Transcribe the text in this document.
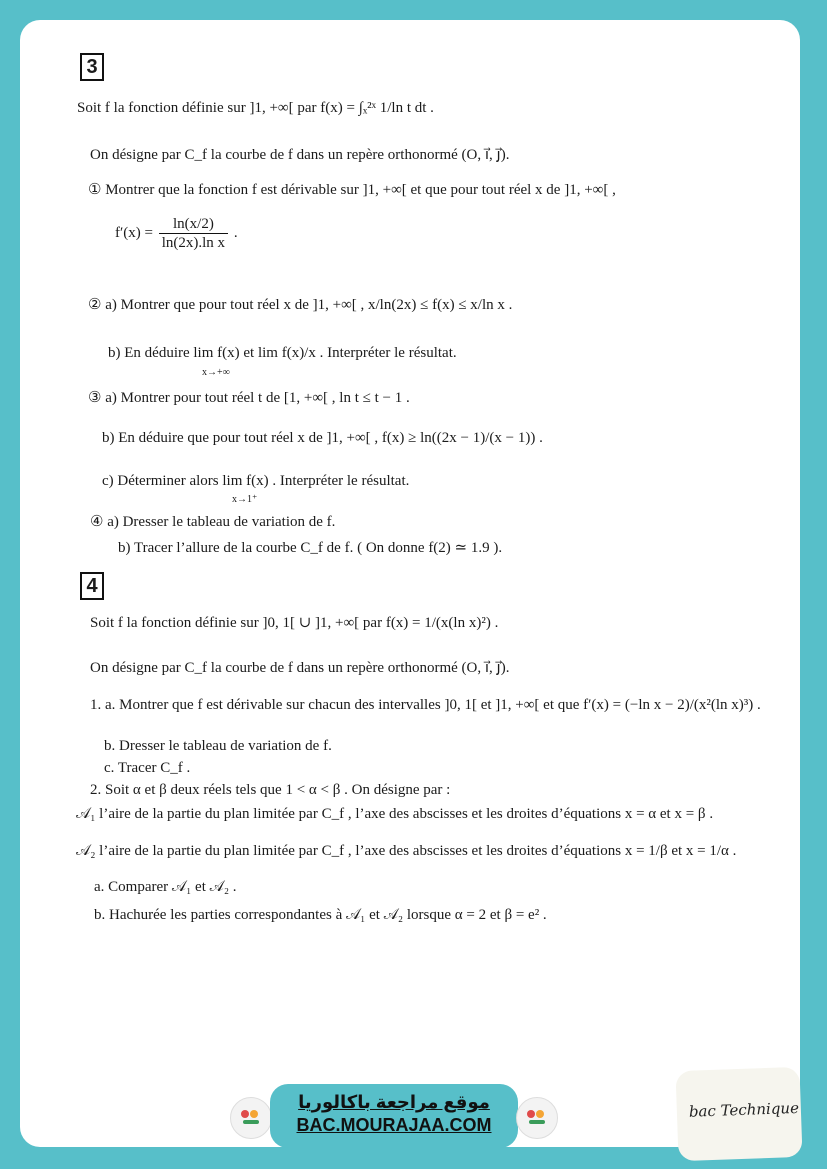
3
Soit f la fonction définie sur ]1, +∞[ par f(x) = ∫ₓ²ˣ 1/ln t dt .
On désigne par C_f la courbe de f dans un repère orthonormé (O, i⃗, j⃗).
① Montrer que la fonction f est dérivable sur ]1, +∞[ et que pour tout réel x de ]1, +∞[ ,
$f'(x) = \frac{\ln(x/2)}{\text{ln(2x).ln x}}$ .
② a) Montrer que pour tout réel x de ]1, +∞[ , x/ln(2x) ≤ f(x) ≤ x/ln x .
b) En déduire lim f(x) et lim f(x)/x . Interpréter le résultat.
x→+∞
③ a) Montrer pour tout réel t de [1, +∞[ , ln t ≤ t − 1 .
b) En déduire que pour tout réel x de ]1, +∞[ , f(x) ≥ ln((2x − 1)/(x − 1)) .
c) Déterminer alors lim f(x) . Interpréter le résultat.
x→1⁺
④ a) Dresser le tableau de variation de f.
b) Tracer l’allure de la courbe C_f de f. ( On donne f(2) ≃ 1.9 ).
4
Soit f la fonction définie sur ]0, 1[ ∪ ]1, +∞[ par f(x) = 1/(x(ln x)²) .
On désigne par C_f la courbe de f dans un repère orthonormé (O, i⃗, j⃗).
1. a. Montrer que f est dérivable sur chacun des intervalles ]0, 1[ et ]1, +∞[ et que f′(x) = (−ln x − 2)/(x²(ln x)³) .
b. Dresser le tableau de variation de f.
c. Tracer C_f .
2. Soit α et β deux réels tels que 1 < α < β . On désigne par :
𝒜₁ l’aire de la partie du plan limitée par C_f , l’axe des abscisses et les droites d’équations x = α et x = β .
𝒜₂ l’aire de la partie du plan limitée par C_f , l’axe des abscisses et les droites d’équations x = 1/β et x = 1/α .
a. Comparer 𝒜₁ et 𝒜₂ .
b. Hachurée les parties correspondantes à 𝒜₁ et 𝒜₂ lorsque α = 2 et β = e² .
موقع مراجعة باكالوريا
BAC.MOURAJAA.COM
bac Technique
